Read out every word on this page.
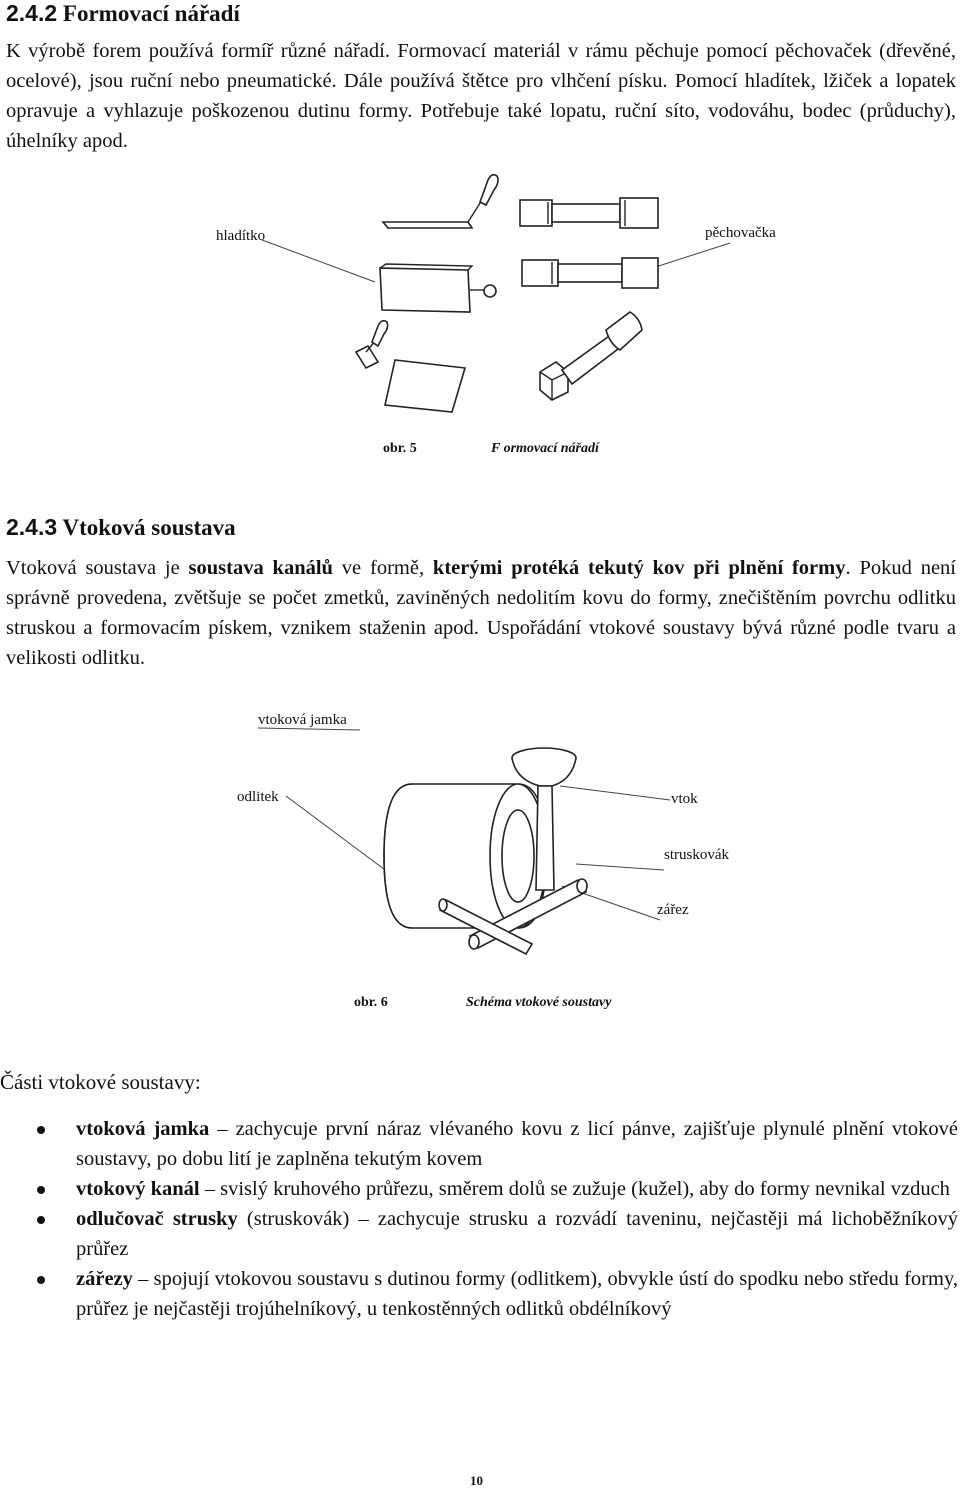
2.4.2 Formovací nářadí
K výrobě forem používá formíř různé nářadí. Formovací materiál v rámu pěchuje pomocí pěchovaček (dřevěné, ocelové), jsou ruční nebo pneumatické. Dále používá štětce pro vlhčení písku. Pomocí hladítek, lžiček a lopatek opravuje a vyhlazuje poškozenou dutinu formy. Potřebuje také lopatu, ruční síto, vodováhu, bodec (průduchy), úhelníky apod.
hladítko	pěchovačka
obr. 5	F ormovací nářadí
2.4.3 Vtoková soustava
Vtoková soustava je soustava kanálů ve formě, kterými protéká tekutý kov při plnění formy. Pokud není správně provedena, zvětšuje se počet zmetků, zaviněných nedolitím kovu do formy, znečištěním povrchu odlitku struskou a formovacím pískem, vznikem staženin apod. Uspořádání vtokové soustavy bývá různé podle tvaru a velikosti odlitku.
vtoková jamka
odlitek	vtok
struskovák
zářez
obr. 6	Schéma vtokové soustavy
Části vtokové soustavy:
vtoková jamka – zachycuje první náraz vlévaného kovu z licí pánve, zajišťuje plynulé plnění vtokové soustavy, po dobu lití je zaplněna tekutým kovem
vtokový kanál – svislý kruhového průřezu, směrem dolů se zužuje (kužel), aby do formy nevnikal vzduch
odlučovač strusky (struskovák) – zachycuje strusku a rozvádí taveninu, nejčastěji má lichoběžníkový průřez
zářezy – spojují vtokovou soustavu s dutinou formy (odlitkem), obvykle ústí do spodku nebo středu formy, průřez je nejčastěji trojúhelníkový, u tenkostěnných odlitků obdélníkový
10
